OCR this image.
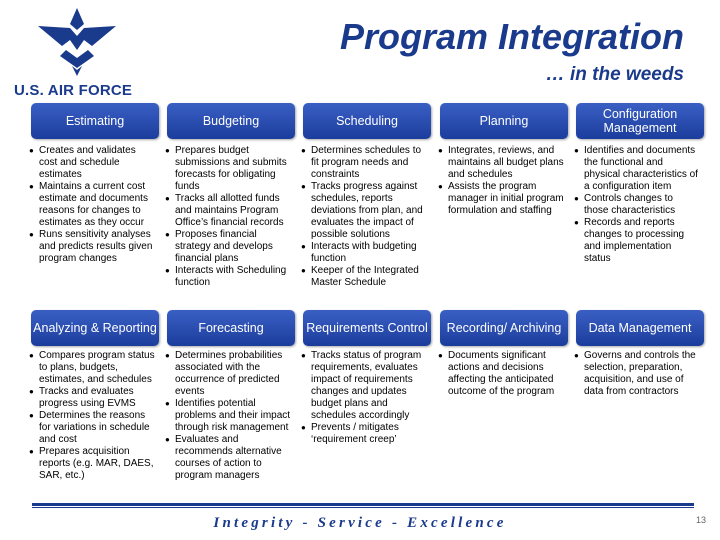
U.S. AIR FORCE
Program Integration
… in the weeds
Estimating
● Creates and validates cost and schedule estimates
● Maintains a current cost estimate and documents reasons for changes to estimates as they occur
● Runs sensitivity analyses and predicts results given program changes
Budgeting
● Prepares budget submissions and submits forecasts for obligating funds
● Tracks all allotted funds and maintains Program Office’s financial records
● Proposes financial strategy and develops financial plans
● Interacts with Scheduling function
Scheduling
● Determines schedules to fit program needs and constraints
● Tracks progress against schedules, reports deviations from plan, and evaluates the impact of possible solutions
● Interacts with budgeting function
● Keeper of the Integrated Master Schedule
Planning
● Integrates, reviews, and maintains all budget plans and schedules
● Assists the program manager in initial program formulation and staffing
Configuration Management
● Identifies and documents the functional and physical characteristics of a configuration item
● Controls changes to those characteristics
● Records and reports changes to processing and implementation status
Analyzing & Reporting
● Compares program status to plans, budgets, estimates, and schedules
● Tracks and evaluates progress using EVMS
● Determines the reasons for variations in schedule and cost
● Prepares acquisition reports (e.g. MAR, DAES, SAR, etc.)
Forecasting
● Determines probabilities associated with the occurrence of predicted events
● Identifies potential problems and their impact through risk management
● Evaluates and recommends alternative courses of action to program managers
Requirements Control
● Tracks status of program requirements, evaluates impact of requirements changes and updates budget plans and schedules accordingly
● Prevents / mitigates ‘requirement creep’
Recording/ Archiving
● Documents significant actions and decisions affecting the anticipated outcome of the program
Data Management
● Governs and controls the selection, preparation, acquisition, and use of data from contractors
Integrity - Service - Excellence	13
